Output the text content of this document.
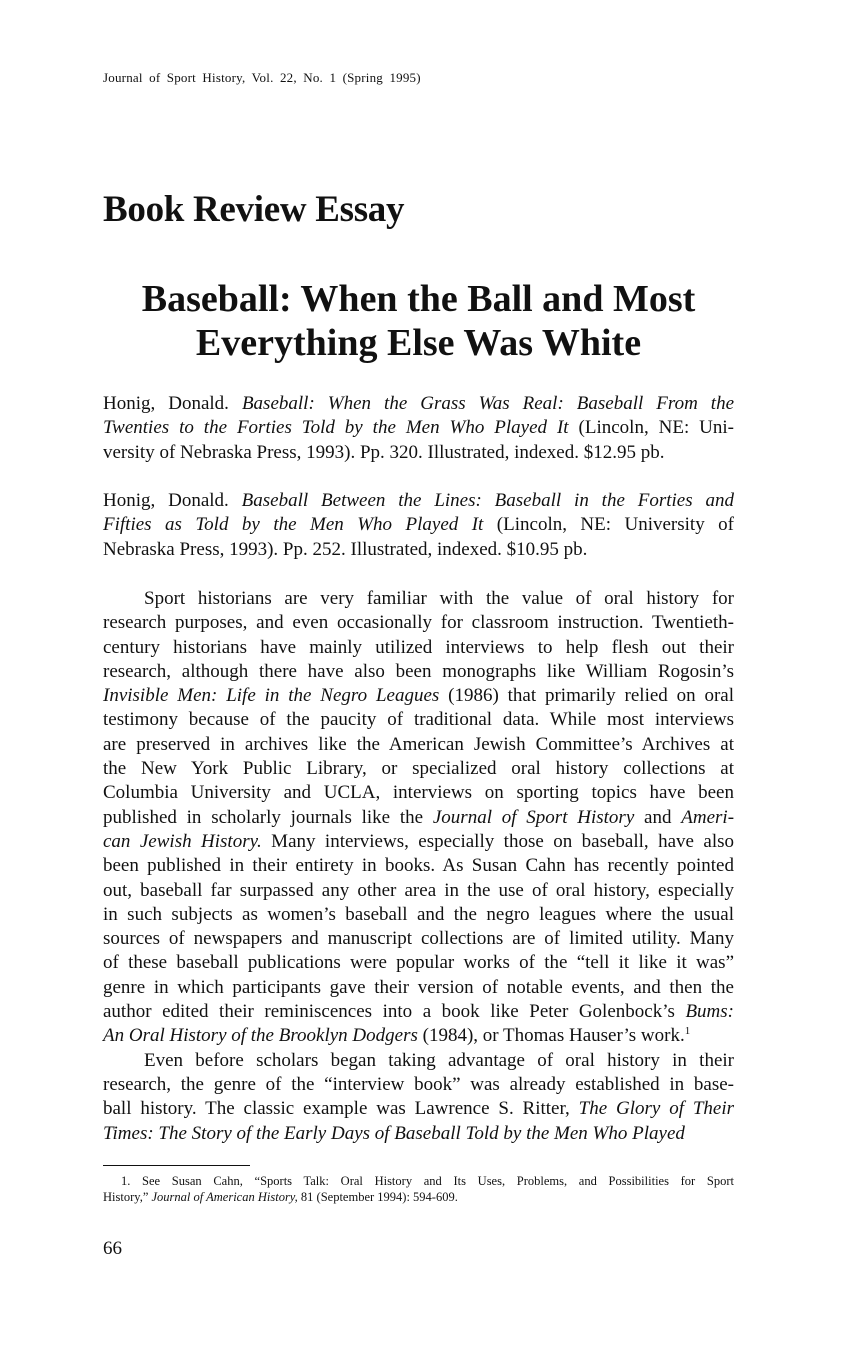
Journal of Sport History, Vol. 22, No. 1 (Spring 1995)
Book Review Essay
Baseball: When the Ball and Most
Everything Else Was White
Honig, Donald. Baseball: When the Grass Was Real: Baseball From the
Twenties to the Forties Told by the Men Who Played It (Lincoln, NE: Uni-
versity of Nebraska Press, 1993). Pp. 320. Illustrated, indexed. $12.95 pb.
Honig, Donald. Baseball Between the Lines: Baseball in the Forties and
Fifties as Told by the Men Who Played It (Lincoln, NE: University of
Nebraska Press, 1993). Pp. 252. Illustrated, indexed. $10.95 pb.
Sport historians are very familiar with the value of oral history for
research purposes, and even occasionally for classroom instruction. Twentieth-
century historians have mainly utilized interviews to help flesh out their
research, although there have also been monographs like William Rogosin’s
Invisible Men: Life in the Negro Leagues (1986) that primarily relied on oral
testimony because of the paucity of traditional data. While most interviews
are preserved in archives like the American Jewish Committee’s Archives at
the New York Public Library, or specialized oral history collections at
Columbia University and UCLA, interviews on sporting topics have been
published in scholarly journals like the Journal of Sport History and Ameri-
can Jewish History. Many interviews, especially those on baseball, have also
been published in their entirety in books. As Susan Cahn has recently pointed
out, baseball far surpassed any other area in the use of oral history, especially
in such subjects as women’s baseball and the negro leagues where the usual
sources of newspapers and manuscript collections are of limited utility. Many
of these baseball publications were popular works of the “tell it like it was”
genre in which participants gave their version of notable events, and then the
author edited their reminiscences into a book like Peter Golenbock’s Bums:
An Oral History of the Brooklyn Dodgers (1984), or Thomas Hauser’s work.$^1$
Even before scholars began taking advantage of oral history in their
research, the genre of the “interview book” was already established in base-
ball history. The classic example was Lawrence S. Ritter, The Glory of Their
Times: The Story of the Early Days of Baseball Told by the Men Who Played
1. See Susan Cahn, “Sports Talk: Oral History and Its Uses, Problems, and Possibilities for Sport
History,” Journal of American History, 81 (September 1994): 594-609.
66
